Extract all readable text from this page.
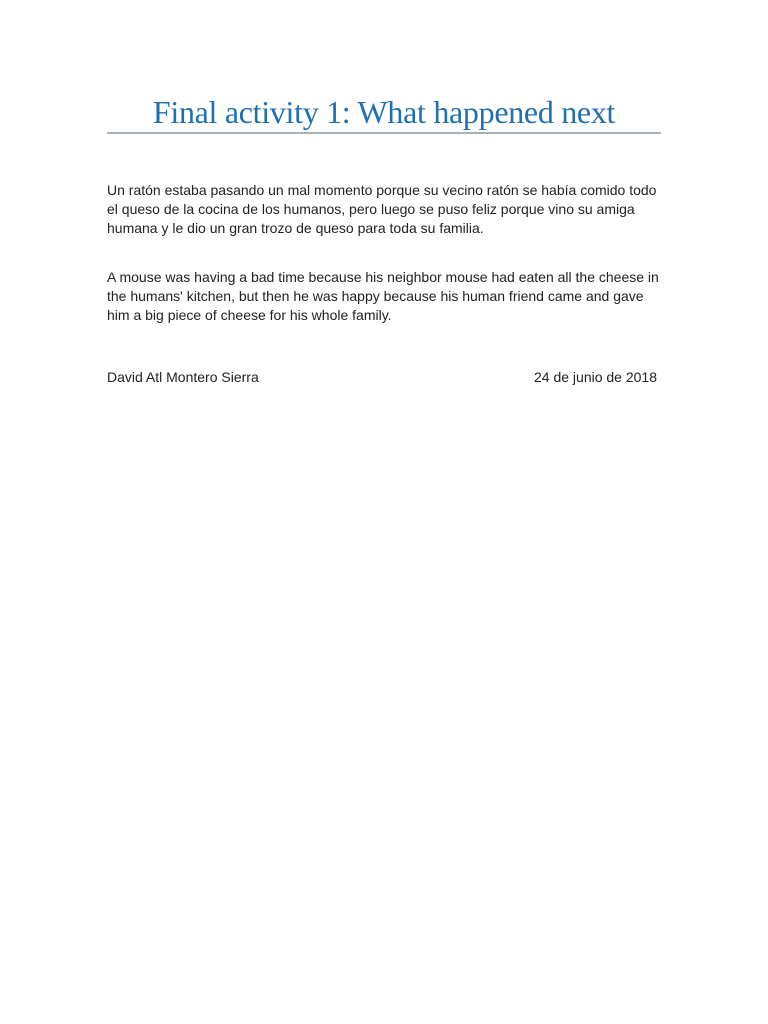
Final activity 1: What happened next

Un ratón estaba pasando un mal momento porque su vecino ratón se había comido todo el queso de la cocina de los humanos, pero luego se puso feliz porque vino su amiga humana y le dio un gran trozo de queso para toda su familia.

A mouse was having a bad time because his neighbor mouse had eaten all the cheese in the humans' kitchen, but then he was happy because his human friend came and gave him a big piece of cheese for his whole family.

David Atl Montero Sierra	24 de junio de 2018
